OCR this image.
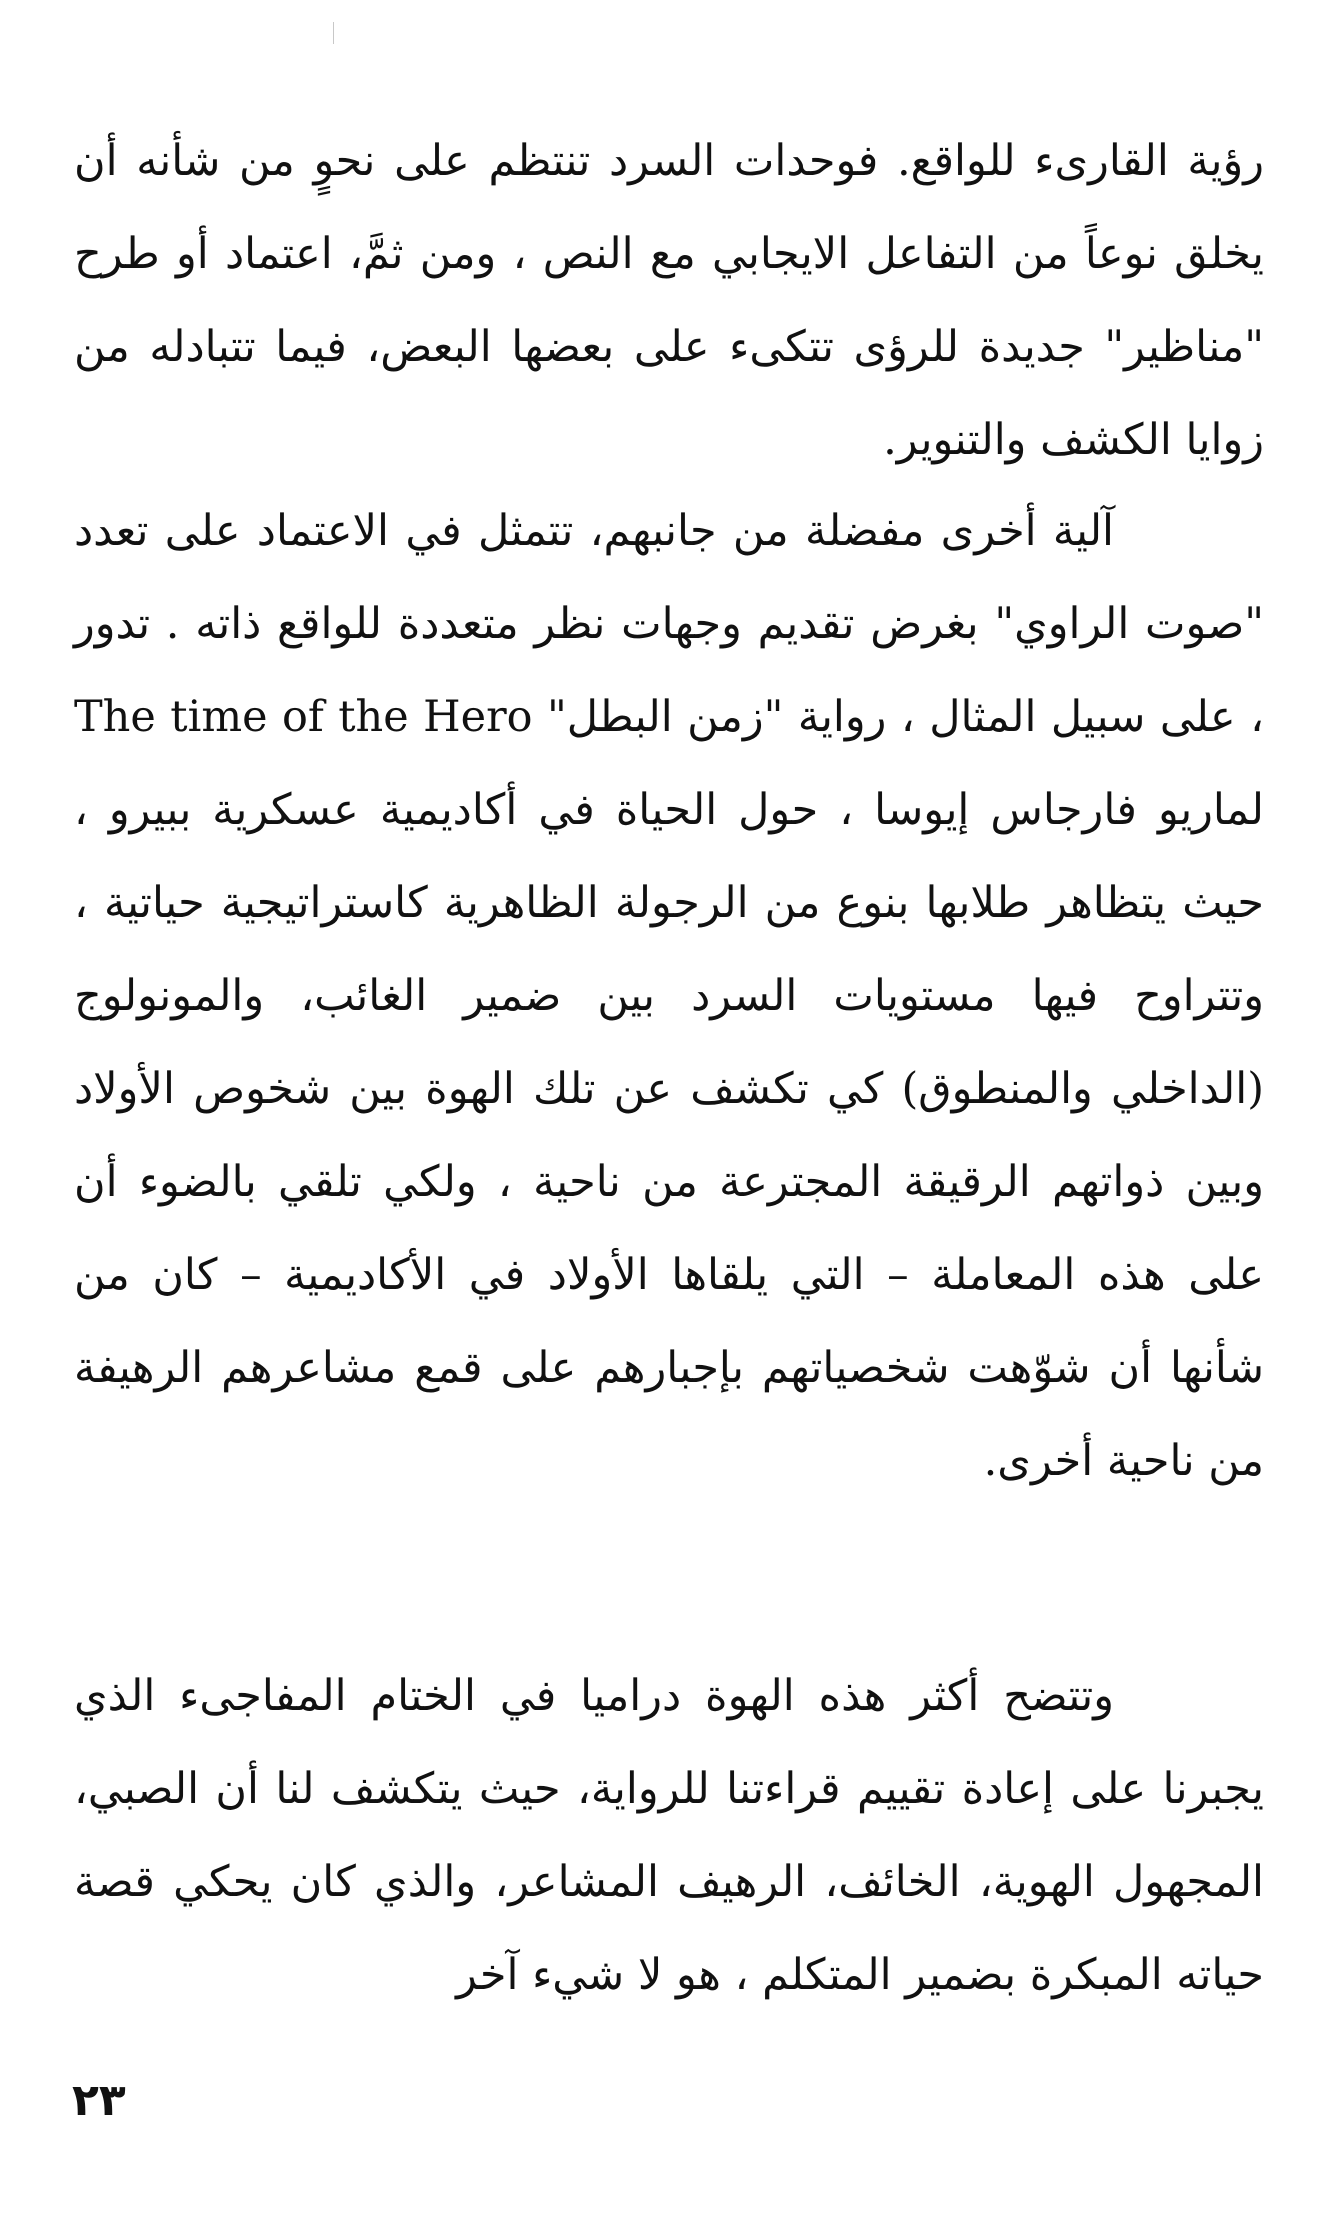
رؤية القارىء للواقع. فوحدات السرد تنتظم على نحوٍ من شأنه أن يخلق نوعاً من التفاعل الايجابي مع النص ، ومن ثمَّ، اعتماد أو طرح "مناظير" جديدة للرؤى تتكىء على بعضها البعض، فيما تتبادله من زوايا الكشف والتنوير.

آلية أخرى مفضلة من جانبهم، تتمثل في الاعتماد على تعدد "صوت الراوي" بغرض تقديم وجهات نظر متعددة للواقع ذاته . تدور ، على سبيل المثال ، رواية "زمن البطل" The time of the Hero لماريو فارجاس إيوسا ، حول الحياة في أكاديمية عسكرية ببيرو ، حيث يتظاهر طلابها بنوع من الرجولة الظاهرية كاستراتيجية حياتية ، وتتراوح فيها مستويات السرد بين ضمير الغائب، والمونولوج (الداخلي والمنطوق) كي تكشف عن تلك الهوة بين شخوص الأولاد وبين ذواتهم الرقيقة المجترعة من ناحية ، ولكي تلقي بالضوء أن على هذه المعاملة – التي يلقاها الأولاد في الأكاديمية – كان من شأنها أن شوّهت شخصياتهم بإجبارهم على قمع مشاعرهم الرهيفة من ناحية أخرى.

وتتضح أكثر هذه الهوة دراميا في الختام المفاجىء الذي يجبرنا على إعادة تقييم قراءتنا للرواية، حيث يتكشف لنا أن الصبي، المجهول الهوية، الخائف، الرهيف المشاعر، والذي كان يحكي قصة حياته المبكرة بضمير المتكلم ، هو لا شيء آخر

٢٣
